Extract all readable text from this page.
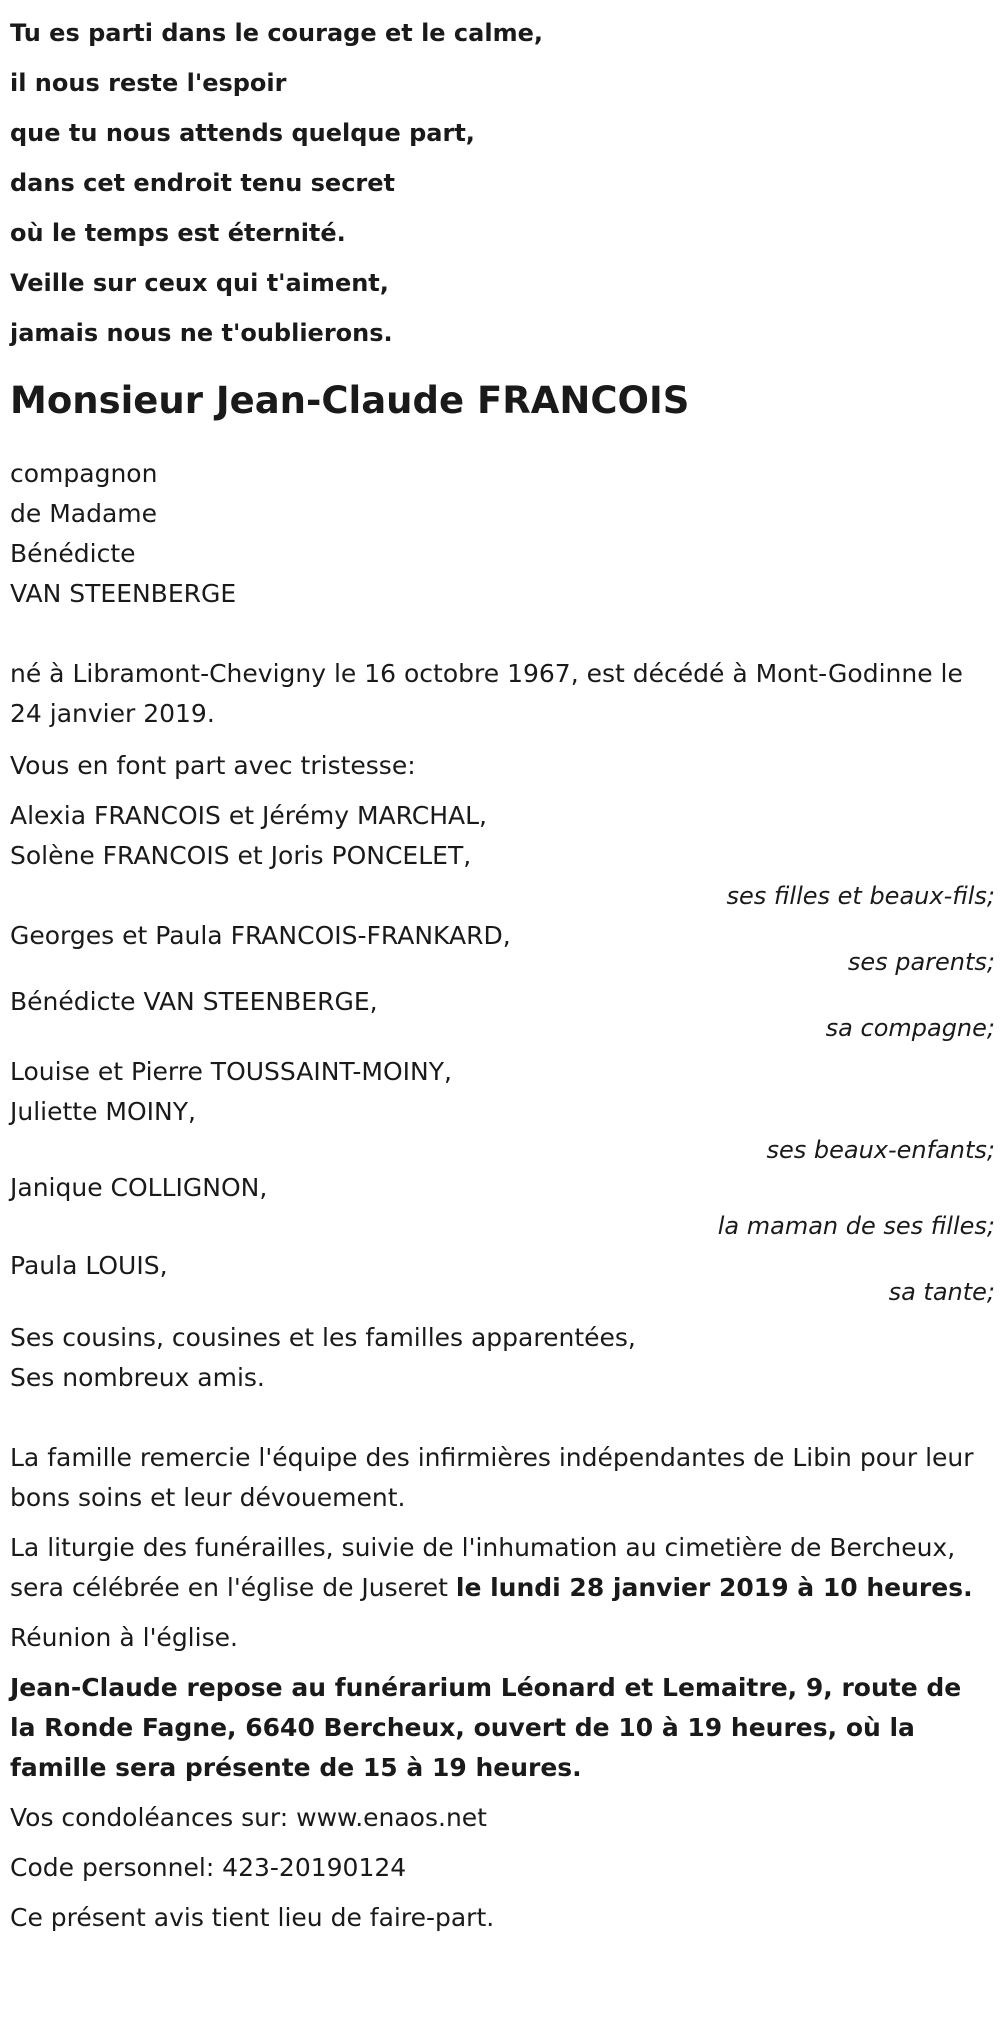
Tu es parti dans le courage et le calme,
il nous reste l'espoir
que tu nous attends quelque part,
dans cet endroit tenu secret
où le temps est éternité.
Veille sur ceux qui t'aiment,
jamais nous ne t'oublierons.
Monsieur Jean-Claude FRANCOIS
compagnon
de Madame
Bénédicte
VAN STEENBERGE
né à Libramont-Chevigny le 16 octobre 1967, est décédé à Mont-Godinne le 24 janvier 2019.
Vous en font part avec tristesse:
Alexia FRANCOIS et Jérémy MARCHAL,
Solène FRANCOIS et Joris PONCELET,
ses filles et beaux-fils;
Georges et Paula FRANCOIS-FRANKARD,
ses parents;
Bénédicte VAN STEENBERGE,
sa compagne;
Louise et Pierre TOUSSAINT-MOINY,
Juliette MOINY,
ses beaux-enfants;
Janique COLLIGNON,
la maman de ses filles;
Paula LOUIS,
sa tante;
Ses cousins, cousines et les familles apparentées,
Ses nombreux amis.
La famille remercie l'équipe des infirmières indépendantes de Libin pour leur bons soins et leur dévouement.
La liturgie des funérailles, suivie de l'inhumation au cimetière de Bercheux, sera célébrée en l'église de Juseret le lundi 28 janvier 2019 à 10 heures.
Réunion à l'église.
Jean-Claude repose au funérarium Léonard et Lemaitre, 9, route de la Ronde Fagne, 6640 Bercheux, ouvert de 10 à 19 heures, où la famille sera présente de 15 à 19 heures.
Vos condoléances sur: www.enaos.net
Code personnel: 423-20190124
Ce présent avis tient lieu de faire-part.
